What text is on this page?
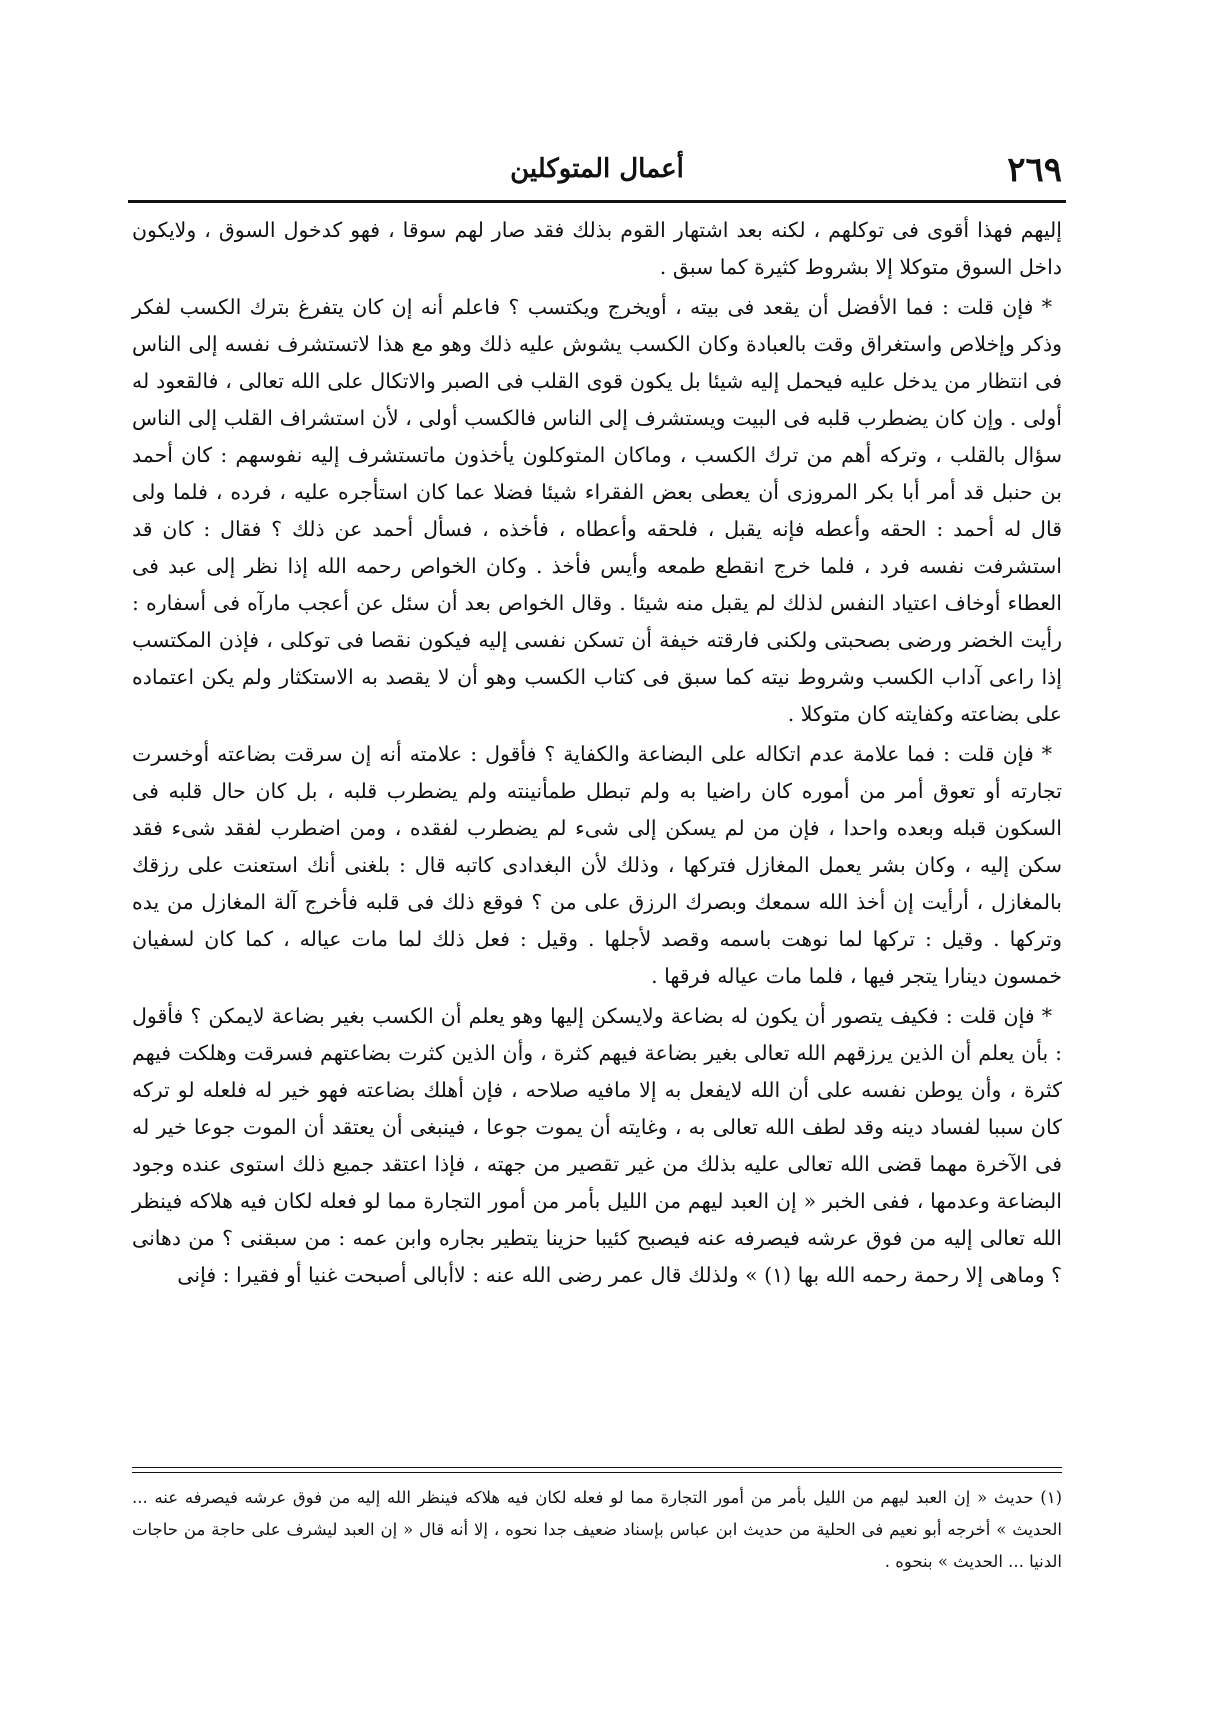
٢٦٩
أعمال المتوكلين

إليهم فهذا أقوى فى توكلهم ، لكنه بعد اشتهار القوم بذلك فقد صار لهم سوقا ، فهو كدخول السوق ، ولايكون داخل السوق متوكلا إلا بشروط كثيرة كما سبق .

* فإن قلت : فما الأفضل أن يقعد فى بيته ، أويخرج ويكتسب ؟ فاعلم أنه إن كان يتفرغ بترك الكسب لفكر وذكر وإخلاص واستغراق وقت بالعبادة وكان الكسب يشوش عليه ذلك وهو مع هذا لاتستشرف نفسه إلى الناس فى انتظار من يدخل عليه فيحمل إليه شيئا بل يكون قوى القلب فى الصبر والاتكال على الله تعالى ، فالقعود له أولى . وإن كان يضطرب قلبه فى البيت ويستشرف إلى الناس فالكسب أولى ، لأن استشراف القلب إلى الناس سؤال بالقلب ، وتركه أهم من ترك الكسب ، وماكان المتوكلون يأخذون ماتستشرف إليه نفوسهم : كان أحمد بن حنبل قد أمر أبا بكر المروزى أن يعطى بعض الفقراء شيئا فضلا عما كان استأجره عليه ، فرده ، فلما ولى قال له أحمد : الحقه وأعطه فإنه يقبل ، فلحقه وأعطاه ، فأخذه ، فسأل أحمد عن ذلك ؟ فقال : كان قد استشرفت نفسه فرد ، فلما خرج انقطع طمعه وأيس فأخذ . وكان الخواص رحمه الله إذا نظر إلى عبد فى العطاء أوخاف اعتياد النفس لذلك لم يقبل منه شيئا . وقال الخواص بعد أن سئل عن أعجب مارآه فى أسفاره : رأيت الخضر ورضى بصحبتى ولكنى فارقته خيفة أن تسكن نفسى إليه فيكون نقصا فى توكلى ، فإذن المكتسب إذا راعى آداب الكسب وشروط نيته كما سبق فى كتاب الكسب وهو أن لا يقصد به الاستكثار ولم يكن اعتماده على بضاعته وكفايته كان متوكلا .

* فإن قلت : فما علامة عدم اتكاله على البضاعة والكفاية ؟ فأقول : علامته أنه إن سرقت بضاعته أوخسرت تجارته أو تعوق أمر من أموره كان راضيا به ولم تبطل طمأنينته ولم يضطرب قلبه ، بل كان حال قلبه فى السكون قبله وبعده واحدا ، فإن من لم يسكن إلى شىء لم يضطرب لفقده ، ومن اضطرب لفقد شىء فقد سكن إليه ، وكان بشر يعمل المغازل فتركها ، وذلك لأن البغدادى كاتبه قال : بلغنى أنك استعنت على رزقك بالمغازل ، أرأيت إن أخذ الله سمعك وبصرك الرزق على من ؟ فوقع ذلك فى قلبه فأخرج آلة المغازل من يده وتركها . وقيل : تركها لما نوهت باسمه وقصد لأجلها . وقيل : فعل ذلك لما مات عياله ، كما كان لسفيان خمسون دينارا يتجر فيها ، فلما مات عياله فرقها .

* فإن قلت : فكيف يتصور أن يكون له بضاعة ولايسكن إليها وهو يعلم أن الكسب بغير بضاعة لايمكن ؟ فأقول : بأن يعلم أن الذين يرزقهم الله تعالى بغير بضاعة فيهم كثرة ، وأن الذين كثرت بضاعتهم فسرقت وهلكت فيهم كثرة ، وأن يوطن نفسه على أن الله لايفعل به إلا مافيه صلاحه ، فإن أهلك بضاعته فهو خير له فلعله لو تركه كان سببا لفساد دينه وقد لطف الله تعالى به ، وغايته أن يموت جوعا ، فينبغى أن يعتقد أن الموت جوعا خير له فى الآخرة مهما قضى الله تعالى عليه بذلك من غير تقصير من جهته ، فإذا اعتقد جميع ذلك استوى عنده وجود البضاعة وعدمها ، ففى الخبر « إن العبد ليهم من الليل بأمر من أمور التجارة مما لو فعله لكان فيه هلاكه فينظر الله تعالى إليه من فوق عرشه فيصرفه عنه فيصبح كئيبا حزينا يتطير بجاره وابن عمه : من سبقنى ؟ من دهانى ؟ وماهى إلا رحمة رحمه الله بها (١) » ولذلك قال عمر رضى الله عنه : لاأبالى أصبحت غنيا أو فقيرا : فإنى

(١) حديث « إن العبد ليهم من الليل بأمر من أمور التجارة مما لو فعله لكان فيه هلاكه فينظر الله إليه من فوق عرشه فيصرفه عنه ... الحديث » أخرجه أبو نعيم فى الحلية من حديث ابن عباس بإسناد ضعيف جدا نحوه ، إلا أنه قال « إن العبد ليشرف على حاجة من حاجات الدنيا ... الحديث » بنحوه .
